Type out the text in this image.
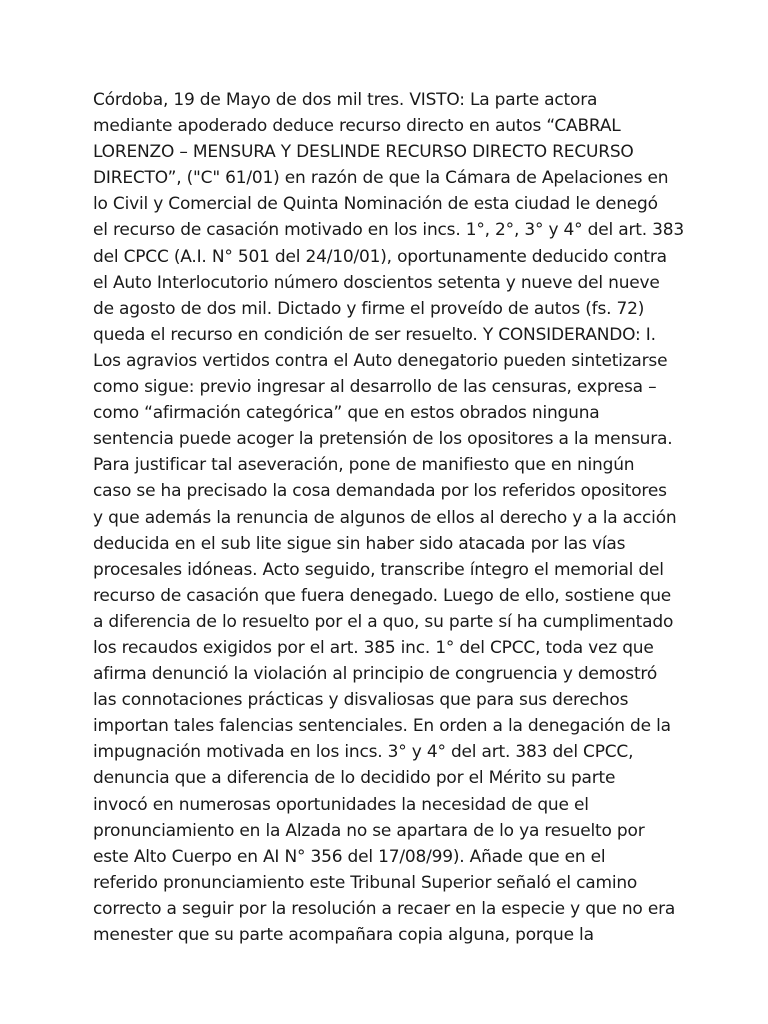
Córdoba, 19 de Mayo de dos mil tres. VISTO: La parte actora
mediante apoderado deduce recurso directo en autos “CABRAL
LORENZO – MENSURA Y DESLINDE RECURSO DIRECTO RECURSO
DIRECTO”, ("C" 61/01) en razón de que la Cámara de Apelaciones en
lo Civil y Comercial de Quinta Nominación de esta ciudad le denegó
el recurso de casación motivado en los incs. 1°, 2°, 3° y 4° del art. 383
del CPCC (A.I. N° 501 del 24/10/01), oportunamente deducido contra
el Auto Interlocutorio número doscientos setenta y nueve del nueve
de agosto de dos mil. Dictado y firme el proveído de autos (fs. 72)
queda el recurso en condición de ser resuelto. Y CONSIDERANDO: I.
Los agravios vertidos contra el Auto denegatorio pueden sintetizarse
como sigue: previo ingresar al desarrollo de las censuras, expresa –
como “afirmación categórica” que en estos obrados ninguna
sentencia puede acoger la pretensión de los opositores a la mensura.
Para justificar tal aseveración, pone de manifiesto que en ningún
caso se ha precisado la cosa demandada por los referidos opositores
y que además la renuncia de algunos de ellos al derecho y a la acción
deducida en el sub lite sigue sin haber sido atacada por las vías
procesales idóneas. Acto seguido, transcribe íntegro el memorial del
recurso de casación que fuera denegado. Luego de ello, sostiene que
a diferencia de lo resuelto por el a quo, su parte sí ha cumplimentado
los recaudos exigidos por el art. 385 inc. 1° del CPCC, toda vez que
afirma denunció la violación al principio de congruencia y demostró
las connotaciones prácticas y disvaliosas que para sus derechos
importan tales falencias sentenciales. En orden a la denegación de la
impugnación motivada en los incs. 3° y 4° del art. 383 del CPCC,
denuncia que a diferencia de lo decidido por el Mérito su parte
invocó en numerosas oportunidades la necesidad de que el
pronunciamiento en la Alzada no se apartara de lo ya resuelto por
este Alto Cuerpo en AI N° 356 del 17/08/99). Añade que en el
referido pronunciamiento este Tribunal Superior señaló el camino
correcto a seguir por la resolución a recaer en la especie y que no era
menester que su parte acompañara copia alguna, porque la
